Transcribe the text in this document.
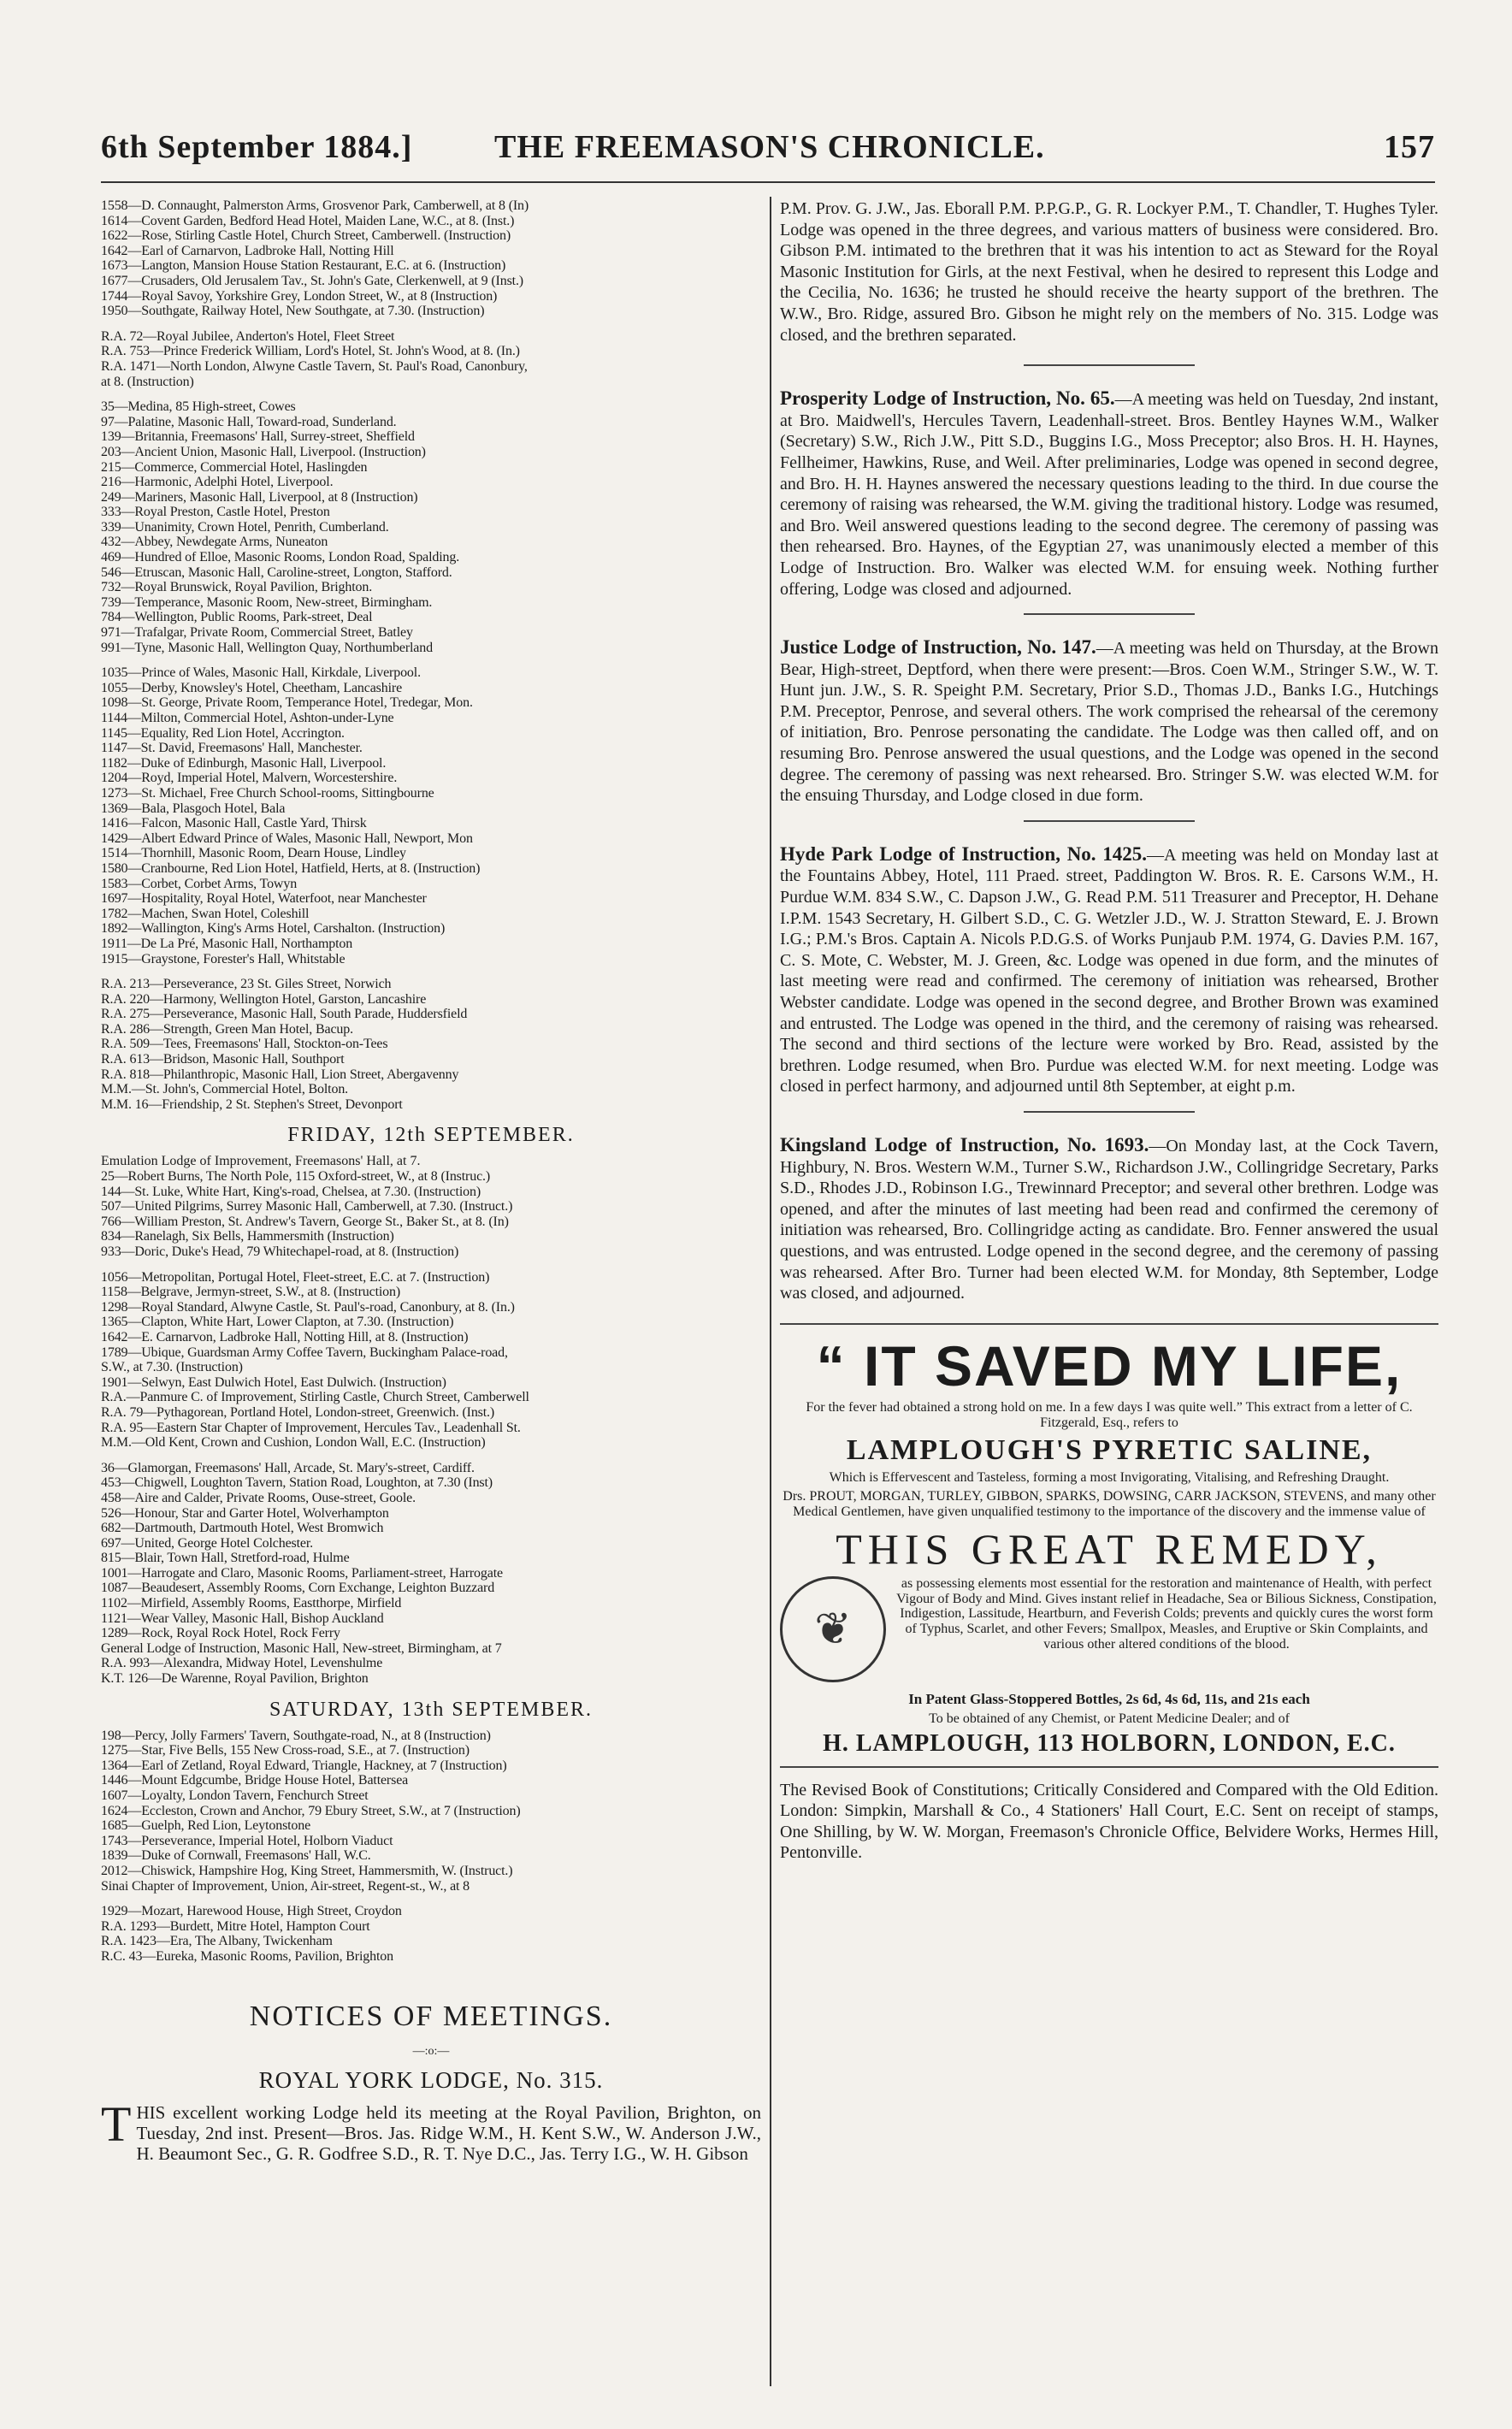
6th September 1884.]	THE FREEMASON'S CHRONICLE.	157
1558—D. Connaught, Palmerston Arms, Grosvenor Park, Camberwell, at 8 (In)
1614—Covent Garden, Bedford Head Hotel, Maiden Lane, W.C., at 8. (Inst.)
1622—Rose, Stirling Castle Hotel, Church Street, Camberwell. (Instruction)
1642—Earl of Carnarvon, Ladbroke Hall, Notting Hill
1673—Langton, Mansion House Station Restaurant, E.C. at 6. (Instruction)
1677—Crusaders, Old Jerusalem Tav., St. John's Gate, Clerkenwell, at 9 (Inst.)
1744—Royal Savoy, Yorkshire Grey, London Street, W., at 8 (Instruction)
1950—Southgate, Railway Hotel, New Southgate, at 7.30. (Instruction)
R.A. 72—Royal Jubilee, Anderton's Hotel, Fleet Street
R.A. 753—Prince Frederick William, Lord's Hotel, St. John's Wood, at 8. (In.)
R.A. 1471—North London, Alwyne Castle Tavern, St. Paul's Road, Canonbury,
at 8. (Instruction)
35—Medina, 85 High-street, Cowes
97—Palatine, Masonic Hall, Toward-road, Sunderland.
139—Britannia, Freemasons' Hall, Surrey-street, Sheffield
203—Ancient Union, Masonic Hall, Liverpool. (Instruction)
215—Commerce, Commercial Hotel, Haslingden
216—Harmonic, Adelphi Hotel, Liverpool.
249—Mariners, Masonic Hall, Liverpool, at 8 (Instruction)
333—Royal Preston, Castle Hotel, Preston
339—Unanimity, Crown Hotel, Penrith, Cumberland.
432—Abbey, Newdegate Arms, Nuneaton
469—Hundred of Elloe, Masonic Rooms, London Road, Spalding.
546—Etruscan, Masonic Hall, Caroline-street, Longton, Stafford.
732—Royal Brunswick, Royal Pavilion, Brighton.
739—Temperance, Masonic Room, New-street, Birmingham.
784—Wellington, Public Rooms, Park-street, Deal
971—Trafalgar, Private Room, Commercial Street, Batley
991—Tyne, Masonic Hall, Wellington Quay, Northumberland
1035—Prince of Wales, Masonic Hall, Kirkdale, Liverpool.
1055—Derby, Knowsley's Hotel, Cheetham, Lancashire
1098—St. George, Private Room, Temperance Hotel, Tredegar, Mon.
1144—Milton, Commercial Hotel, Ashton-under-Lyne
1145—Equality, Red Lion Hotel, Accrington.
1147—St. David, Freemasons' Hall, Manchester.
1182—Duke of Edinburgh, Masonic Hall, Liverpool.
1204—Royd, Imperial Hotel, Malvern, Worcestershire.
1273—St. Michael, Free Church School-rooms, Sittingbourne
1369—Bala, Plasgoch Hotel, Bala
1416—Falcon, Masonic Hall, Castle Yard, Thirsk
1429—Albert Edward Prince of Wales, Masonic Hall, Newport, Mon
1514—Thornhill, Masonic Room, Dearn House, Lindley
1580—Cranbourne, Red Lion Hotel, Hatfield, Herts, at 8. (Instruction)
1583—Corbet, Corbet Arms, Towyn
1697—Hospitality, Royal Hotel, Waterfoot, near Manchester
1782—Machen, Swan Hotel, Coleshill
1892—Wallington, King's Arms Hotel, Carshalton. (Instruction)
1911—De La Pré, Masonic Hall, Northampton
1915—Graystone, Forester's Hall, Whitstable
R.A. 213—Perseverance, 23 St. Giles Street, Norwich
R.A. 220—Harmony, Wellington Hotel, Garston, Lancashire
R.A. 275—Perseverance, Masonic Hall, South Parade, Huddersfield
R.A. 286—Strength, Green Man Hotel, Bacup.
R.A. 509—Tees, Freemasons' Hall, Stockton-on-Tees
R.A. 613—Bridson, Masonic Hall, Southport
R.A. 818—Philanthropic, Masonic Hall, Lion Street, Abergavenny
M.M.—St. John's, Commercial Hotel, Bolton.
M.M. 16—Friendship, 2 St. Stephen's Street, Devonport
FRIDAY, 12th SEPTEMBER.
Emulation Lodge of Improvement, Freemasons' Hall, at 7.
25—Robert Burns, The North Pole, 115 Oxford-street, W., at 8 (Instruc.)
144—St. Luke, White Hart, King's-road, Chelsea, at 7.30. (Instruction)
507—United Pilgrims, Surrey Masonic Hall, Camberwell, at 7.30. (Instruct.)
766—William Preston, St. Andrew's Tavern, George St., Baker St., at 8. (In)
834—Ranelagh, Six Bells, Hammersmith (Instruction)
933—Doric, Duke's Head, 79 Whitechapel-road, at 8. (Instruction)
1056—Metropolitan, Portugal Hotel, Fleet-street, E.C. at 7. (Instruction)
1158—Belgrave, Jermyn-street, S.W., at 8. (Instruction)
1298—Royal Standard, Alwyne Castle, St. Paul's-road, Canonbury, at 8. (In.)
1365—Clapton, White Hart, Lower Clapton, at 7.30. (Instruction)
1642—E. Carnarvon, Ladbroke Hall, Notting Hill, at 8. (Instruction)
1789—Ubique, Guardsman Army Coffee Tavern, Buckingham Palace-road,
S.W., at 7.30. (Instruction)
1901—Selwyn, East Dulwich Hotel, East Dulwich. (Instruction)
R.A.—Panmure C. of Improvement, Stirling Castle, Church Street, Camberwell
R.A. 79—Pythagorean, Portland Hotel, London-street, Greenwich. (Inst.)
R.A. 95—Eastern Star Chapter of Improvement, Hercules Tav., Leadenhall St.
M.M.—Old Kent, Crown and Cushion, London Wall, E.C. (Instruction)
36—Glamorgan, Freemasons' Hall, Arcade, St. Mary's-street, Cardiff.
453—Chigwell, Loughton Tavern, Station Road, Loughton, at 7.30 (Inst)
458—Aire and Calder, Private Rooms, Ouse-street, Goole.
526—Honour, Star and Garter Hotel, Wolverhampton
682—Dartmouth, Dartmouth Hotel, West Bromwich
697—United, George Hotel Colchester.
815—Blair, Town Hall, Stretford-road, Hulme
1001—Harrogate and Claro, Masonic Rooms, Parliament-street, Harrogate
1087—Beaudesert, Assembly Rooms, Corn Exchange, Leighton Buzzard
1102—Mirfield, Assembly Rooms, Eastthorpe, Mirfield
1121—Wear Valley, Masonic Hall, Bishop Auckland
1289—Rock, Royal Rock Hotel, Rock Ferry
General Lodge of Instruction, Masonic Hall, New-street, Birmingham, at 7
R.A. 993—Alexandra, Midway Hotel, Levenshulme
K.T. 126—De Warenne, Royal Pavilion, Brighton
SATURDAY, 13th SEPTEMBER.
198—Percy, Jolly Farmers' Tavern, Southgate-road, N., at 8 (Instruction)
1275—Star, Five Bells, 155 New Cross-road, S.E., at 7. (Instruction)
1364—Earl of Zetland, Royal Edward, Triangle, Hackney, at 7 (Instruction)
1446—Mount Edgcumbe, Bridge House Hotel, Battersea
1607—Loyalty, London Tavern, Fenchurch Street
1624—Eccleston, Crown and Anchor, 79 Ebury Street, S.W., at 7 (Instruction)
1685—Guelph, Red Lion, Leytonstone
1743—Perseverance, Imperial Hotel, Holborn Viaduct
1839—Duke of Cornwall, Freemasons' Hall, W.C.
2012—Chiswick, Hampshire Hog, King Street, Hammersmith, W. (Instruct.)
Sinai Chapter of Improvement, Union, Air-street, Regent-st., W., at 8
1929—Mozart, Harewood House, High Street, Croydon
R.A. 1293—Burdett, Mitre Hotel, Hampton Court
R.A. 1423—Era, The Albany, Twickenham
R.C. 43—Eureka, Masonic Rooms, Pavilion, Brighton
NOTICES OF MEETINGS.
—:o:—
ROYAL YORK LODGE, No. 315.

THIS excellent working Lodge held its meeting at the Royal Pavilion, Brighton, on Tuesday, 2nd inst. Present—Bros. Jas. Ridge W.M., H. Kent S.W., W. Anderson J.W., H. Beaumont Sec., G. R. Godfree S.D., R. T. Nye D.C., Jas. Terry I.G., W. H. Gibson

P.M. Prov. G. J.W., Jas. Eborall P.M. P.P.G.P., G. R. Lockyer P.M., T. Chandler, T. Hughes Tyler. Lodge was opened in the three degrees, and various matters of business were considered. Bro. Gibson P.M. intimated to the brethren that it was his intention to act as Steward for the Royal Masonic Institution for Girls, at the next Festival, when he desired to represent this Lodge and the Cecilia, No. 1636; he trusted he should receive the hearty support of the brethren. The W.W., Bro. Ridge, assured Bro. Gibson he might rely on the members of No. 315. Lodge was closed, and the brethren separated.

Prosperity Lodge of Instruction, No. 65.—A meeting was held on Tuesday, 2nd instant, at Bro. Maidwell's, Hercules Tavern, Leadenhall-street. Bros. Bentley Haynes W.M., Walker (Secretary) S.W., Rich J.W., Pitt S.D., Buggins I.G., Moss Preceptor; also Bros. H. H. Haynes, Fellheimer, Hawkins, Ruse, and Weil. After preliminaries, Lodge was opened in second degree, and Bro. H. H. Haynes answered the necessary questions leading to the third. In due course the ceremony of raising was rehearsed, the W.M. giving the traditional history. Lodge was resumed, and Bro. Weil answered questions leading to the second degree. The ceremony of passing was then rehearsed. Bro. Haynes, of the Egyptian 27, was unanimously elected a member of this Lodge of Instruction. Bro. Walker was elected W.M. for ensuing week. Nothing further offering, Lodge was closed and adjourned.

Justice Lodge of Instruction, No. 147.—A meeting was held on Thursday, at the Brown Bear, High-street, Deptford, when there were present:—Bros. Coen W.M., Stringer S.W., W. T. Hunt jun. J.W., S. R. Speight P.M. Secretary, Prior S.D., Thomas J.D., Banks I.G., Hutchings P.M. Preceptor, Penrose, and several others. The work comprised the rehearsal of the ceremony of initiation, Bro. Penrose personating the candidate. The Lodge was then called off, and on resuming Bro. Penrose answered the usual questions, and the Lodge was opened in the second degree. The ceremony of passing was next rehearsed. Bro. Stringer S.W. was elected W.M. for the ensuing Thursday, and Lodge closed in due form.

Hyde Park Lodge of Instruction, No. 1425.—A meeting was held on Monday last at the Fountains Abbey, Hotel, 111 Praed. street, Paddington W. Bros. R. E. Carsons W.M., H. Purdue W.M. 834 S.W., C. Dapson J.W., G. Read P.M. 511 Treasurer and Preceptor, H. Dehane I.P.M. 1543 Secretary, H. Gilbert S.D., C. G. Wetzler J.D., W. J. Stratton Steward, E. J. Brown I.G.; P.M.'s Bros. Captain A. Nicols P.D.G.S. of Works Punjaub P.M. 1974, G. Davies P.M. 167, C. S. Mote, C. Webster, M. J. Green, &c. Lodge was opened in due form, and the minutes of last meeting were read and confirmed. The ceremony of initiation was rehearsed, Brother Webster candidate. Lodge was opened in the second degree, and Brother Brown was examined and entrusted. The Lodge was opened in the third, and the ceremony of raising was rehearsed. The second and third sections of the lecture were worked by Bro. Read, assisted by the brethren. Lodge resumed, when Bro. Purdue was elected W.M. for next meeting. Lodge was closed in perfect harmony, and adjourned until 8th September, at eight p.m.

Kingsland Lodge of Instruction, No. 1693.—On Monday last, at the Cock Tavern, Highbury, N. Bros. Western W.M., Turner S.W., Richardson J.W., Collingridge Secretary, Parks S.D., Rhodes J.D., Robinson I.G., Trewinnard Preceptor; and several other brethren. Lodge was opened, and after the minutes of last meeting had been read and confirmed the ceremony of initiation was rehearsed, Bro. Collingridge acting as candidate. Bro. Fenner answered the usual questions, and was entrusted. Lodge opened in the second degree, and the ceremony of passing was rehearsed. After Bro. Turner had been elected W.M. for Monday, 8th September, Lodge was closed, and adjourned.

“ IT SAVED MY LIFE,

For the fever had obtained a strong hold on me. In a few days I was quite well.” This extract from a letter of C. Fitzgerald, Esq., refers to

LAMPLOUGH'S PYRETIC SALINE,

Which is Effervescent and Tasteless, forming a most Invigorating, Vitalising, and Refreshing Draught.

Drs. PROUT, MORGAN, TURLEY, GIBBON, SPARKS, DOWSING, CARR JACKSON, STEVENS, and many other Medical Gentlemen, have given unqualified testimony to the importance of the discovery and the immense value of

THIS GREAT REMEDY,
❦

as possessing elements most essential for the restoration and maintenance of Health, with perfect Vigour of Body and Mind. Gives instant relief in Headache, Sea or Bilious Sickness, Constipation, Indigestion, Lassitude, Heartburn, and Feverish Colds; prevents and quickly cures the worst form of Typhus, Scarlet, and other Fevers; Smallpox, Measles, and Eruptive or Skin Complaints, and various other altered conditions of the blood.

In Patent Glass-Stoppered Bottles, 2s 6d, 4s 6d, 11s, and 21s each

To be obtained of any Chemist, or Patent Medicine Dealer; and of

H. LAMPLOUGH, 113 HOLBORN, LONDON, E.C.
The Revised Book of Constitutions; Critically Considered and Compared with the Old Edition. London: Simpkin, Marshall & Co., 4 Stationers' Hall Court, E.C. Sent on receipt of stamps, One Shilling, by W. W. Morgan, Freemason's Chronicle Office, Belvidere Works, Hermes Hill, Pentonville.
